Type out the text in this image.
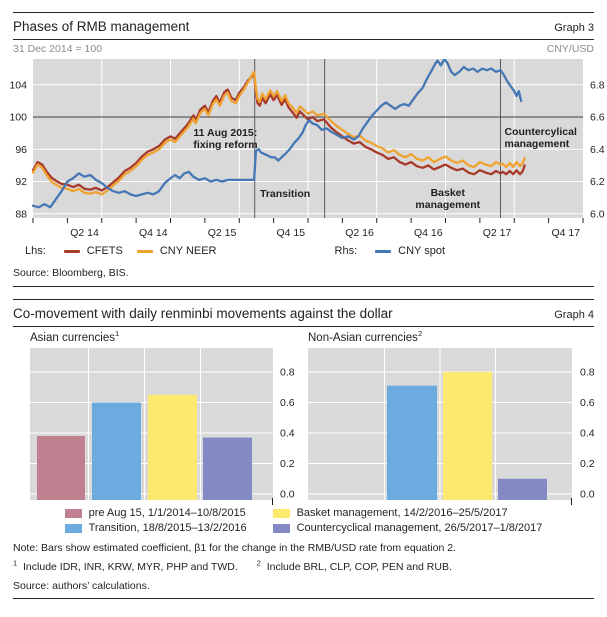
Phases of RMB management	Graph 3
31 Dec 2014 = 100	CNY/USD
Q2 14	Q4 14	Q2 15	Q4 15	Q2 16	Q4 16	Q2 17	Q4 17
104
100
96
92
88
6.8
6.6
6.4
6.2
6.0
11 Aug 2015:
fixing reform
Transition	Basket
management
Countercylical
management
Lhs:	CFETS	CNY NEER	Rhs:	CNY spot
Source: Bloomberg, BIS.
Co-movement with daily renminbi movements against the dollar	Graph 4
Asian currencies$^1$	Non-Asian currencies$^2$
0.0
0.2
0.4
0.6
0.8
0.0
0.2
0.4
0.6
0.8
pre Aug 15, 1/1/2014–10/8/2015
Transition, 18/8/2015–13/2/2016
Basket management, 14/2/2016–25/5/2017
Countercyclical management, 26/5/2017–1/8/2017
Note: Bars show estimated coefficient, β1 for the change in the RMB/USD rate from equation 2.
$^1$ Include IDR, INR, KRW, MYR, PHP and TWD.	$^2$ Include BRL, CLP, COP, PEN and RUB.
Source: authors’ calculations.
